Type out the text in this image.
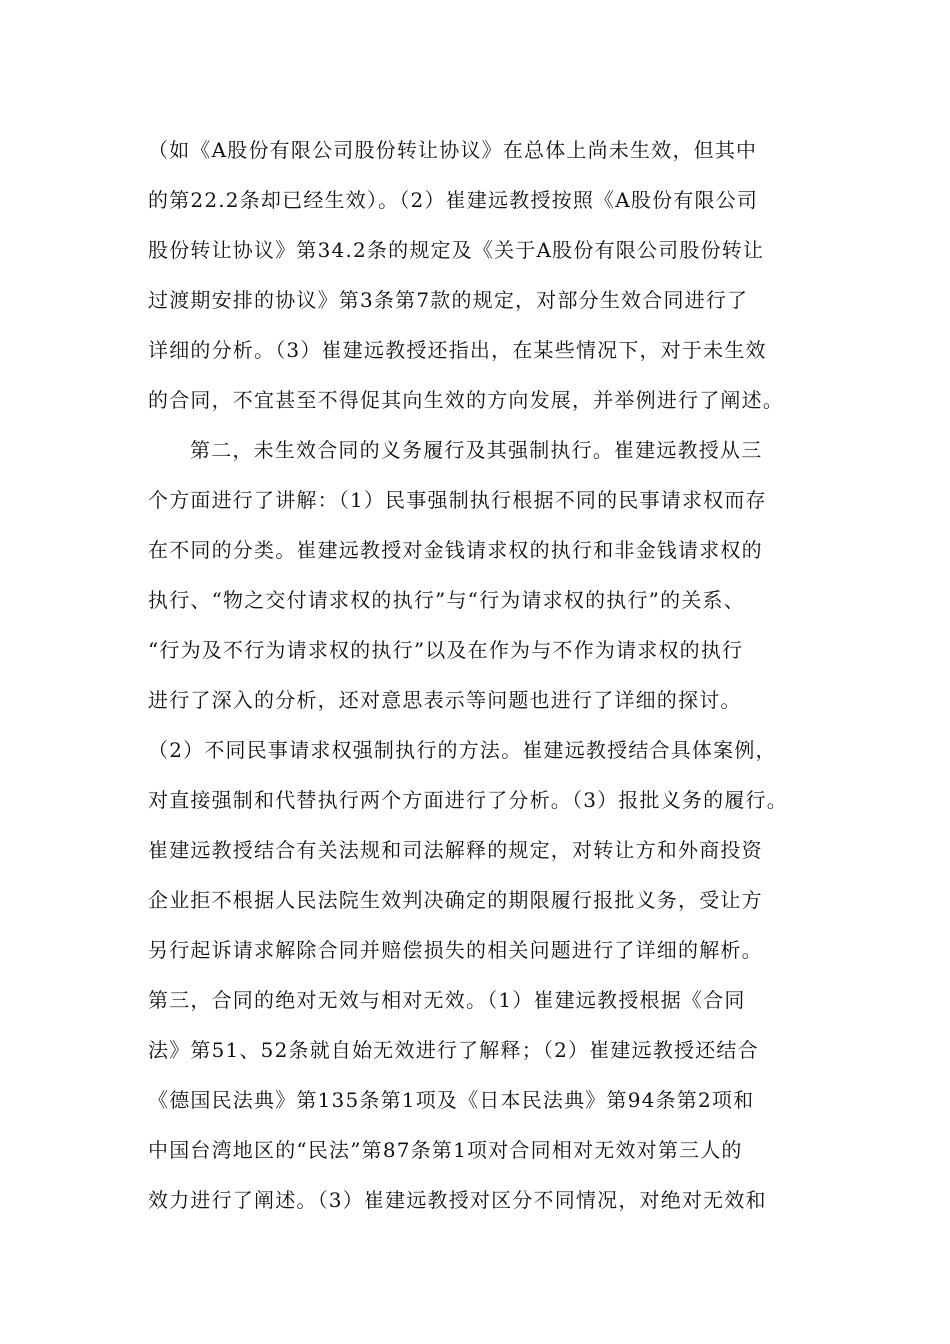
（如《A股份有限公司股份转让协议》在总体上尚未生效，但其中
的第22.2条却已经生效）。（2）崔建远教授按照《A股份有限公司
股份转让协议》第34.2条的规定及《关于A股份有限公司股份转让
过渡期安排的协议》第3条第7款的规定，对部分生效合同进行了
详细的分析。（3）崔建远教授还指出，在某些情况下，对于未生效
的合同，不宜甚至不得促其向生效的方向发展，并举例进行了阐述。
第二，未生效合同的义务履行及其强制执行。崔建远教授从三
个方面进行了讲解：（1）民事强制执行根据不同的民事请求权而存
在不同的分类。崔建远教授对金钱请求权的执行和非金钱请求权的
执行、“物之交付请求权的执行”与“行为请求权的执行”的关系、
“行为及不行为请求权的执行”以及在作为与不作为请求权的执行
进行了深入的分析，还对意思表示等问题也进行了详细的探讨。
（2）不同民事请求权强制执行的方法。崔建远教授结合具体案例，
对直接强制和代替执行两个方面进行了分析。（3）报批义务的履行。
崔建远教授结合有关法规和司法解释的规定，对转让方和外商投资
企业拒不根据人民法院生效判决确定的期限履行报批义务，受让方
另行起诉请求解除合同并赔偿损失的相关问题进行了详细的解析。
第三，合同的绝对无效与相对无效。（1）崔建远教授根据《合同
法》第51、52条就自始无效进行了解释；（2）崔建远教授还结合
《德国民法典》第135条第1项及《日本民法典》第94条第2项和
中国台湾地区的“民法”第87条第1项对合同相对无效对第三人的
效力进行了阐述。（3）崔建远教授对区分不同情况，对绝对无效和
